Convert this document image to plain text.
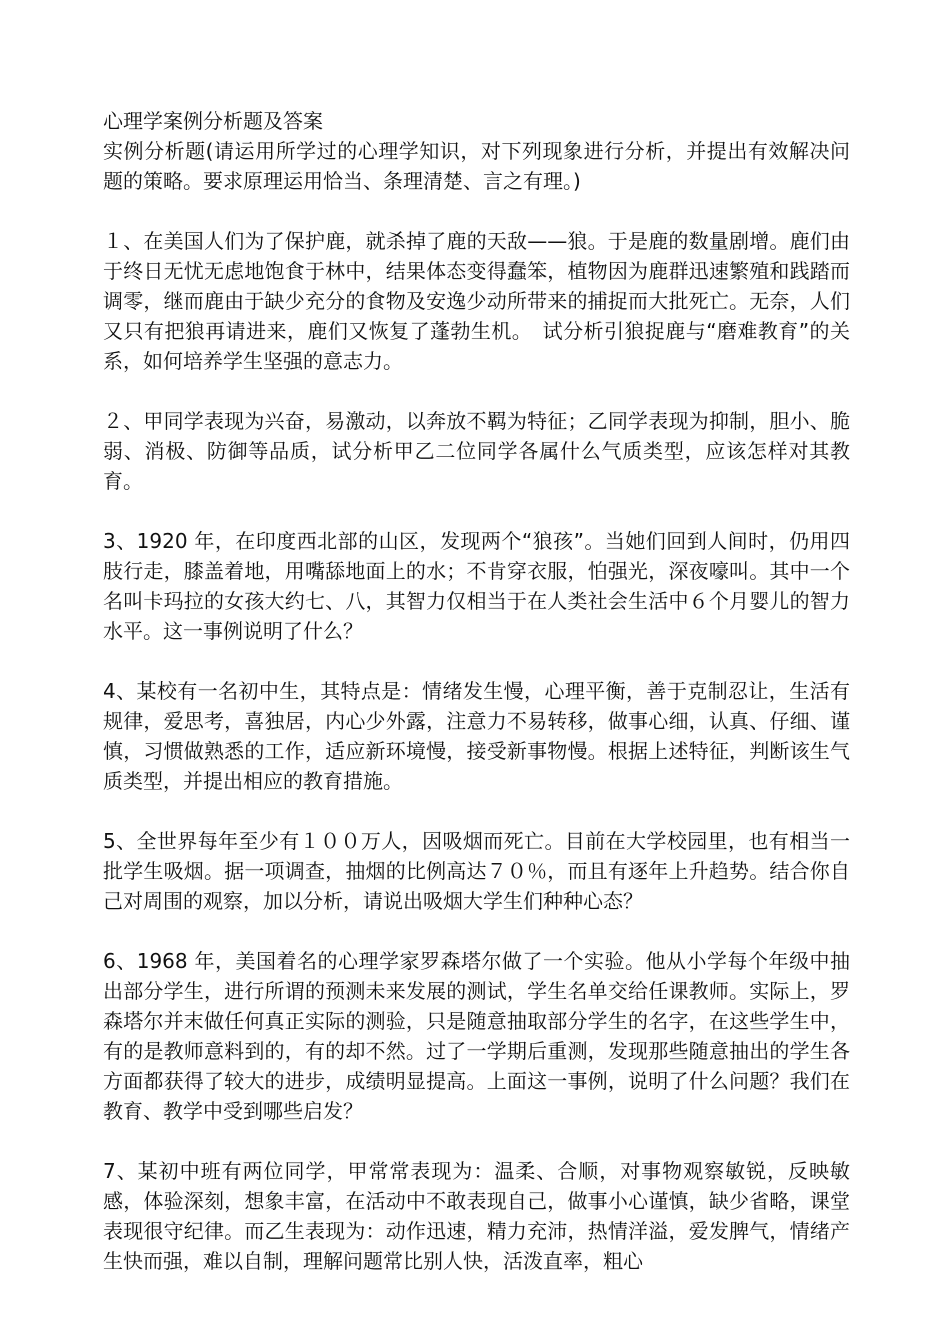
心理学案例分析题及答案

实例分析题(请运用所学过的心理学知识，对下列现象进行分析，并提出有效解决问题的策略。要求原理运用恰当、条理清楚、言之有理。)

１、在美国人们为了保护鹿，就杀掉了鹿的天敌——狼。于是鹿的数量剧增。鹿们由于终日无忧无虑地饱食于林中，结果体态变得蠢笨，植物因为鹿群迅速繁殖和践踏而调零，继而鹿由于缺少充分的食物及安逸少动所带来的捕捉而大批死亡。无奈，人们又只有把狼再请进来，鹿们又恢复了蓬勃生机。　试分析引狼捉鹿与“磨难教育”的关系，如何培养学生坚强的意志力。

２、甲同学表现为兴奋，易激动，以奔放不羁为特征；乙同学表现为抑制，胆小、脆弱、消极、防御等品质，试分析甲乙二位同学各属什么气质类型，应该怎样对其教育。

3、1920 年，在印度西北部的山区，发现两个“狼孩”。当她们回到人间时，仍用四肢行走，膝盖着地，用嘴舔地面上的水；不肯穿衣服，怕强光，深夜嚎叫。其中一个名叫卡玛拉的女孩大约七、八，其智力仅相当于在人类社会生活中６个月婴儿的智力水平。这一事例说明了什么？

4、某校有一名初中生，其特点是：情绪发生慢，心理平衡，善于克制忍让，生活有规律，爱思考，喜独居，内心少外露，注意力不易转移，做事心细，认真、仔细、谨慎，习惯做熟悉的工作，适应新环境慢，接受新事物慢。根据上述特征，判断该生气质类型，并提出相应的教育措施。

5、全世界每年至少有１００万人，因吸烟而死亡。目前在大学校园里，也有相当一批学生吸烟。据一项调查，抽烟的比例高达７０％，而且有逐年上升趋势。结合你自己对周围的观察，加以分析，请说出吸烟大学生们种种心态？

6、1968 年，美国着名的心理学家罗森塔尔做了一个实验。他从小学每个年级中抽出部分学生，进行所谓的预测未来发展的测试，学生名单交给任课教师。实际上，罗森塔尔并末做任何真正实际的测验，只是随意抽取部分学生的名字，在这些学生中，有的是教师意料到的，有的却不然。过了一学期后重测，发现那些随意抽出的学生各方面都获得了较大的进步，成绩明显提高。上面这一事例，说明了什么问题？我们在教育、教学中受到哪些启发？

7、某初中班有两位同学，甲常常表现为：温柔、合顺，对事物观察敏锐，反映敏感，体验深刻，想象丰富，在活动中不敢表现自己，做事小心谨慎，缺少省略，课堂表现很守纪律。而乙生表现为：动作迅速，精力充沛，热情洋溢，爱发脾气，情绪产生快而强，难以自制，理解问题常比别人快，活泼直率，粗心
